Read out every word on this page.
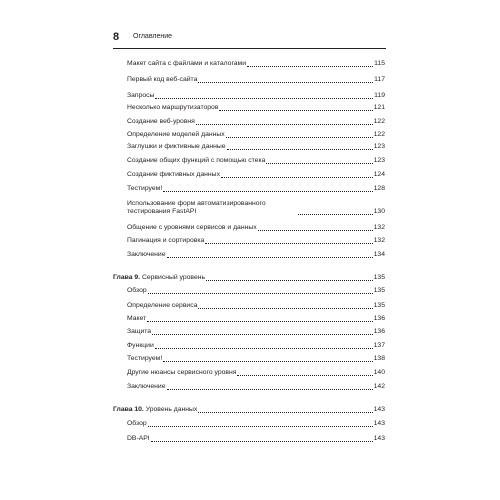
8 Оглавление
Макет сайта с файлами и каталогами	115
Первый код веб-сайта	117
Запросы	119
Несколько маршрутизаторов	121
Создание веб-уровня	122
Определение моделей данных	122
Заглушки и фиктивные данные	123
Создание общих функций с помощью стека	123
Создание фиктивных данных	124
Тестируем!	128
Использование форм автоматизированного
тестирования FastAPI	130
Общение с уровнями сервисов и данных	132
Пагинация и сортировка	132
Заключение	134
Глава 9. Сервисный уровень	135
Обзор	135
Определение сервиса	135
Макет	136
Защита	136
Функции	137
Тестируем!	138
Другие нюансы сервисного уровня	140
Заключение	142
Глава 10. Уровень данных	143
Обзор	143
DB-API	143
